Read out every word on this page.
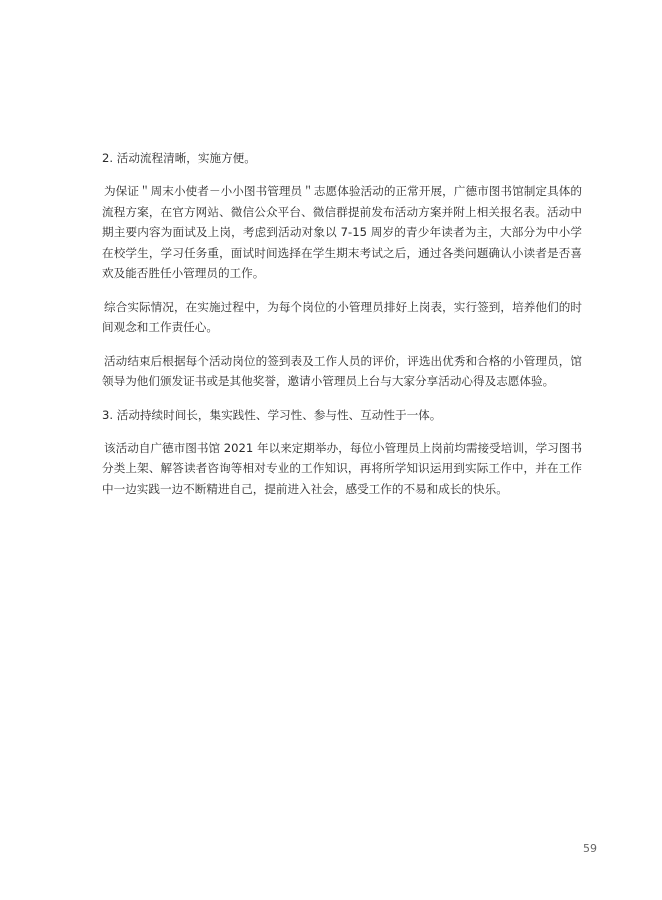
2. 活动流程清晰，实施方便。

为保证＂周末小使者－小小图书管理员＂志愿体验活动的正常开展，广德市图书馆制定具体的流程方案，在官方网站、微信公众平台、微信群提前发布活动方案并附上相关报名表。活动中期主要内容为面试及上岗，考虑到活动对象以 7-15 周岁的青少年读者为主，大部分为中小学在校学生，学习任务重，面试时间选择在学生期末考试之后，通过各类问题确认小读者是否喜欢及能否胜任小管理员的工作。

综合实际情况，在实施过程中，为每个岗位的小管理员排好上岗表，实行签到，培养他们的时间观念和工作责任心。

活动结束后根据每个活动岗位的签到表及工作人员的评价，评选出优秀和合格的小管理员，馆领导为他们颁发证书或是其他奖誉，邀请小管理员上台与大家分享活动心得及志愿体验。

3. 活动持续时间长，集实践性、学习性、参与性、互动性于一体。

该活动自广德市图书馆 2021 年以来定期举办，每位小管理员上岗前均需接受培训，学习图书分类上架、解答读者咨询等相对专业的工作知识，再将所学知识运用到实际工作中，并在工作中一边实践一边不断精进自己，提前进入社会，感受工作的不易和成长的快乐。

59
